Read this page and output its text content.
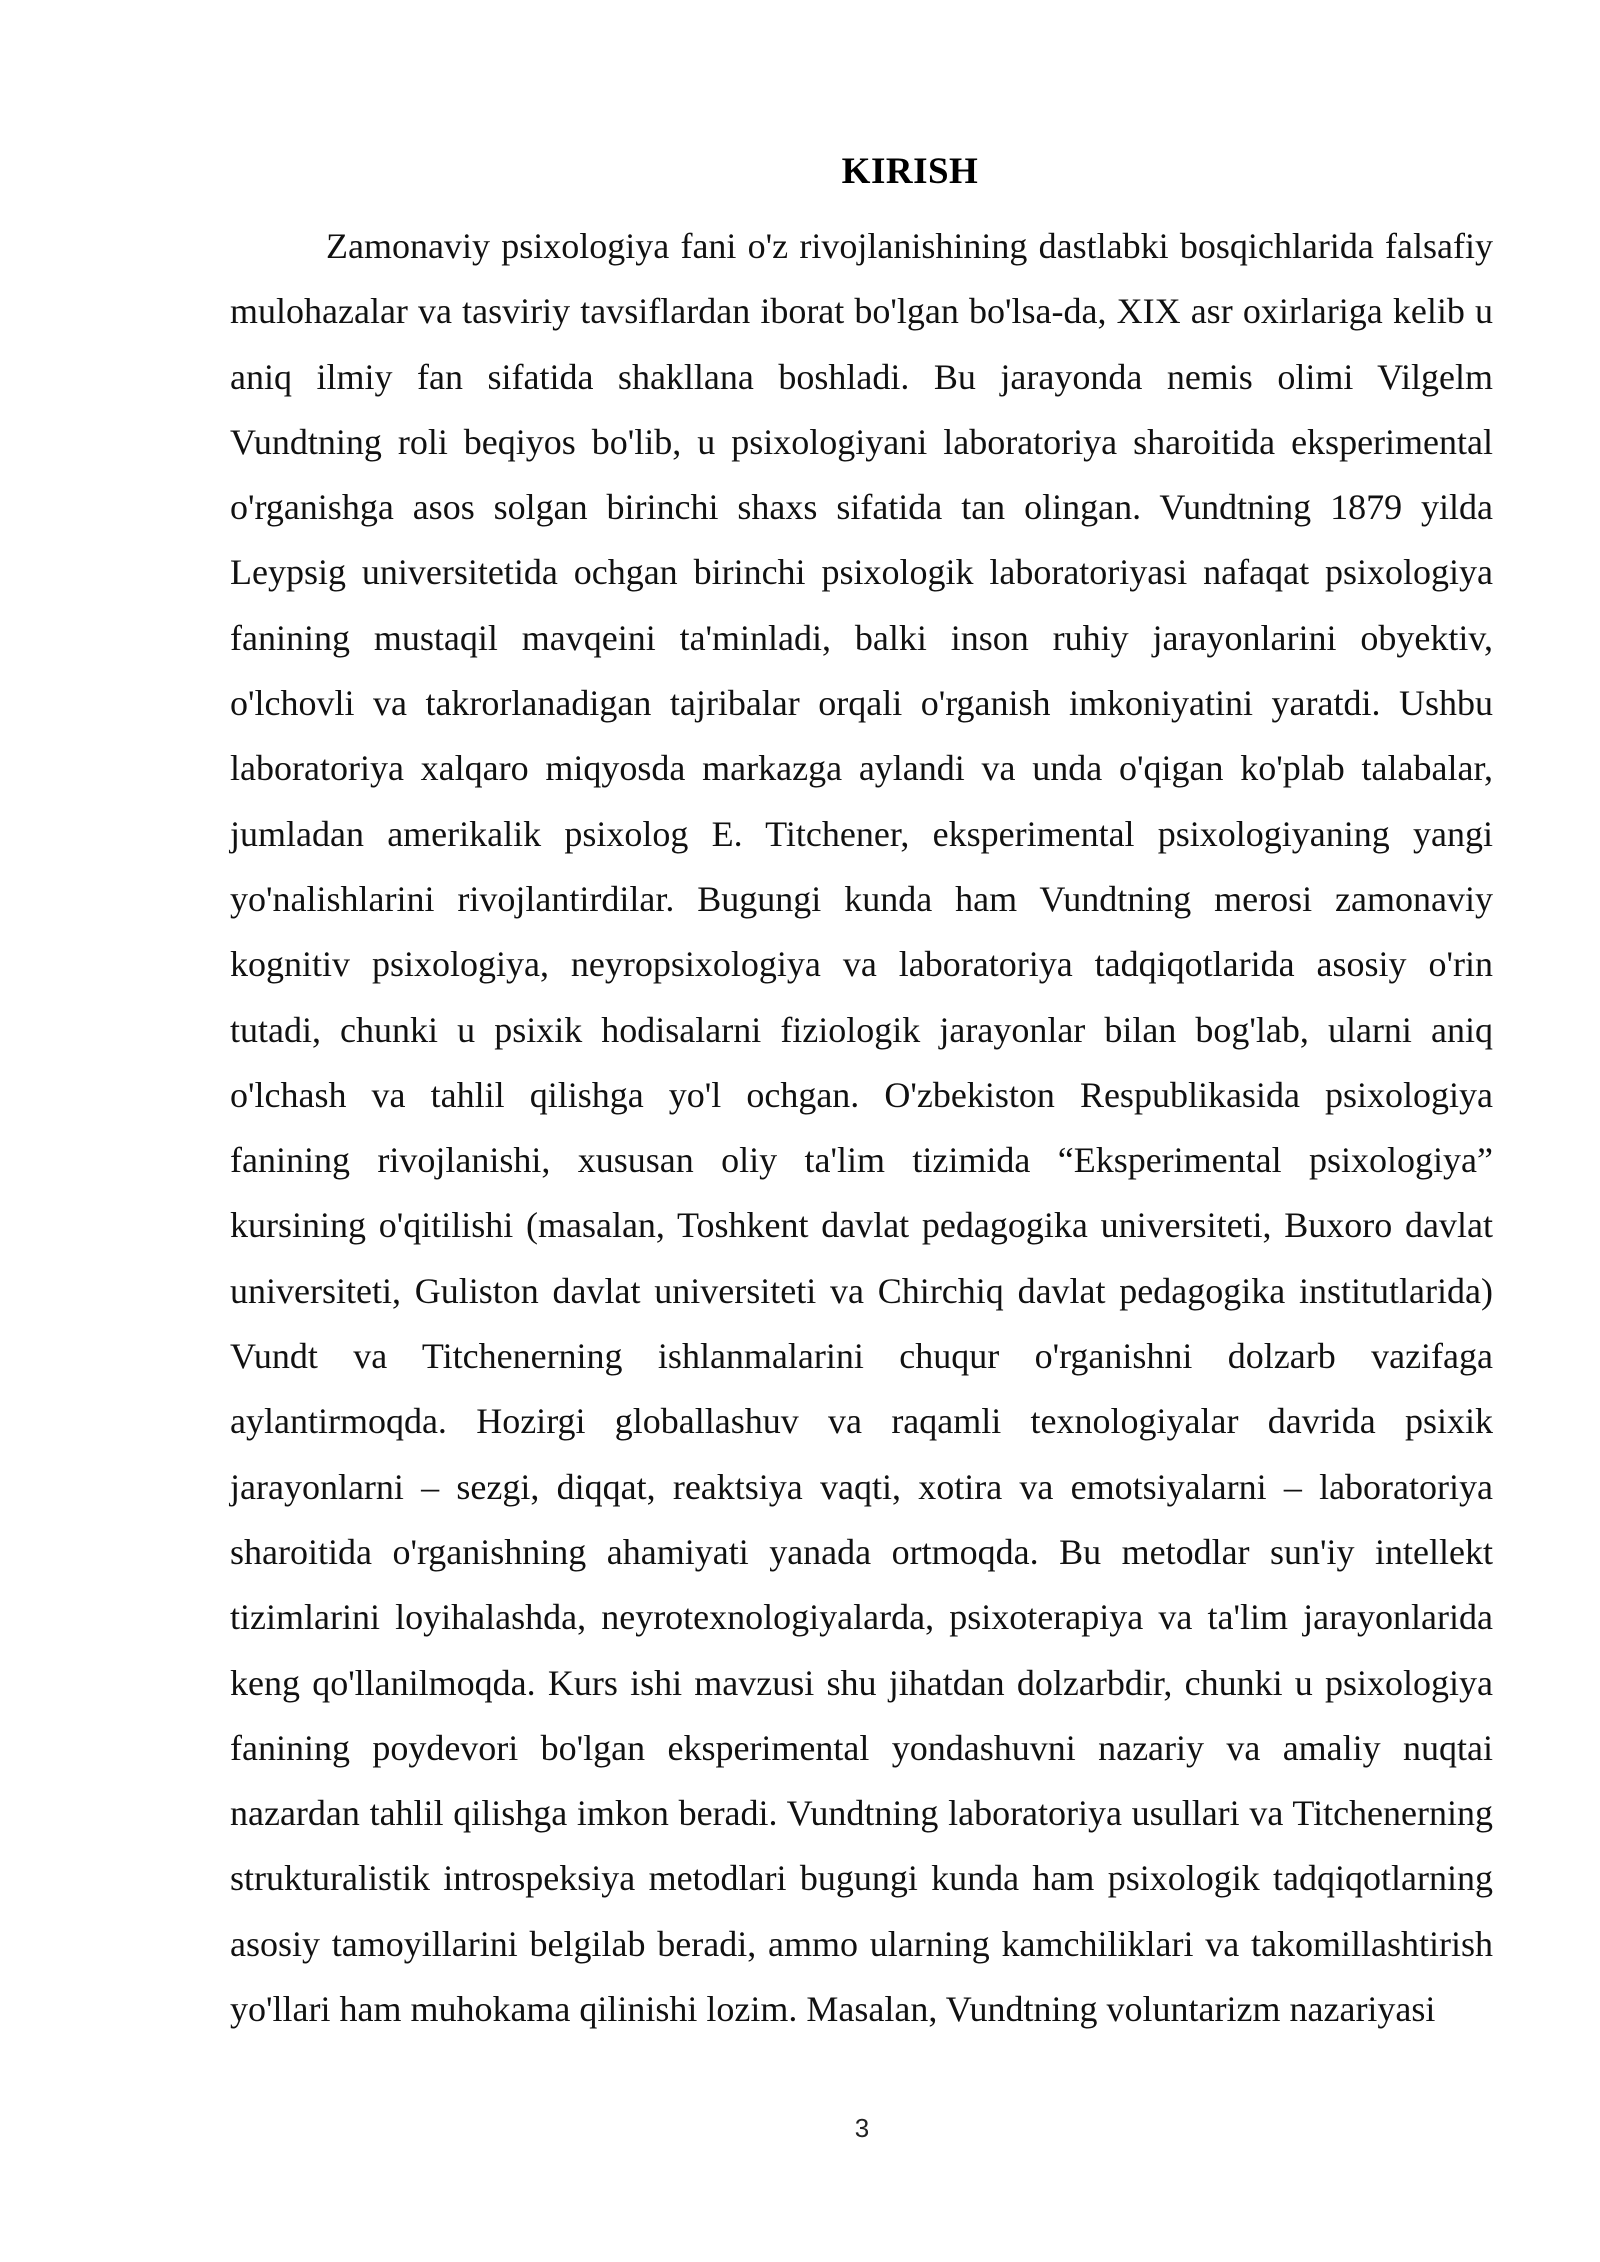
KIRISH

Zamonaviy psixologiya fani o'z rivojlanishining dastlabki bosqichlarida falsafiy mulohazalar va tasviriy tavsiflardan iborat bo'lgan bo'lsa-da, XIX asr oxirlariga kelib u aniq ilmiy fan sifatida shakllana boshladi. Bu jarayonda nemis olimi Vilgelm Vundtning roli beqiyos bo'lib, u psixologiyani laboratoriya sharoitida eksperimental o'rganishga asos solgan birinchi shaxs sifatida tan olingan. Vundtning 1879 yilda Leypsig universitetida ochgan birinchi psixologik laboratoriyasi nafaqat psixologiya fanining mustaqil mavqeini ta'minladi, balki inson ruhiy jarayonlarini obyektiv, o'lchovli va takrorlanadigan tajribalar orqali o'rganish imkoniyatini yaratdi. Ushbu laboratoriya xalqaro miqyosda markazga aylandi va unda o'qigan ko'plab talabalar, jumladan amerikalik psixolog E. Titchener, eksperimental psixologiyaning yangi yo'nalishlarini rivojlantirdilar. Bugungi kunda ham Vundtning merosi zamonaviy kognitiv psixologiya, neyropsixologiya va laboratoriya tadqiqotlarida asosiy o'rin tutadi, chunki u psixik hodisalarni fiziologik jarayonlar bilan bog'lab, ularni aniq o'lchash va tahlil qilishga yo'l ochgan. O'zbekiston Respublikasida psixologiya fanining rivojlanishi, xususan oliy ta'lim tizimida “Eksperimental psixologiya” kursining o'qitilishi (masalan, Toshkent davlat pedagogika universiteti, Buxoro davlat universiteti, Guliston davlat universiteti va Chirchiq davlat pedagogika institutlarida) Vundt va Titchenerning ishlanmalarini chuqur o'rganishni dolzarb vazifaga aylantirmoqda. Hozirgi globallashuv va raqamli texnologiyalar davrida psixik jarayonlarni – sezgi, diqqat, reaktsiya vaqti, xotira va emotsiyalarni – laboratoriya sharoitida o'rganishning ahamiyati yanada ortmoqda. Bu metodlar sun'iy intellekt tizimlarini loyihalashda, neyrotexnologiyalarda, psixoterapiya va ta'lim jarayonlarida keng qo'llanilmoqda. Kurs ishi mavzusi shu jihatdan dolzarbdir, chunki u psixologiya fanining poydevori bo'lgan eksperimental yondashuvni nazariy va amaliy nuqtai nazardan tahlil qilishga imkon beradi. Vundtning laboratoriya usullari va Titchenerning strukturalistik introspeksiya metodlari bugungi kunda ham psixologik tadqiqotlarning asosiy tamoyillarini belgilab beradi, ammo ularning kamchiliklari va takomillashtirish yo'llari ham muhokama qilinishi lozim. Masalan, Vundtning voluntarizm nazariyasi

3
